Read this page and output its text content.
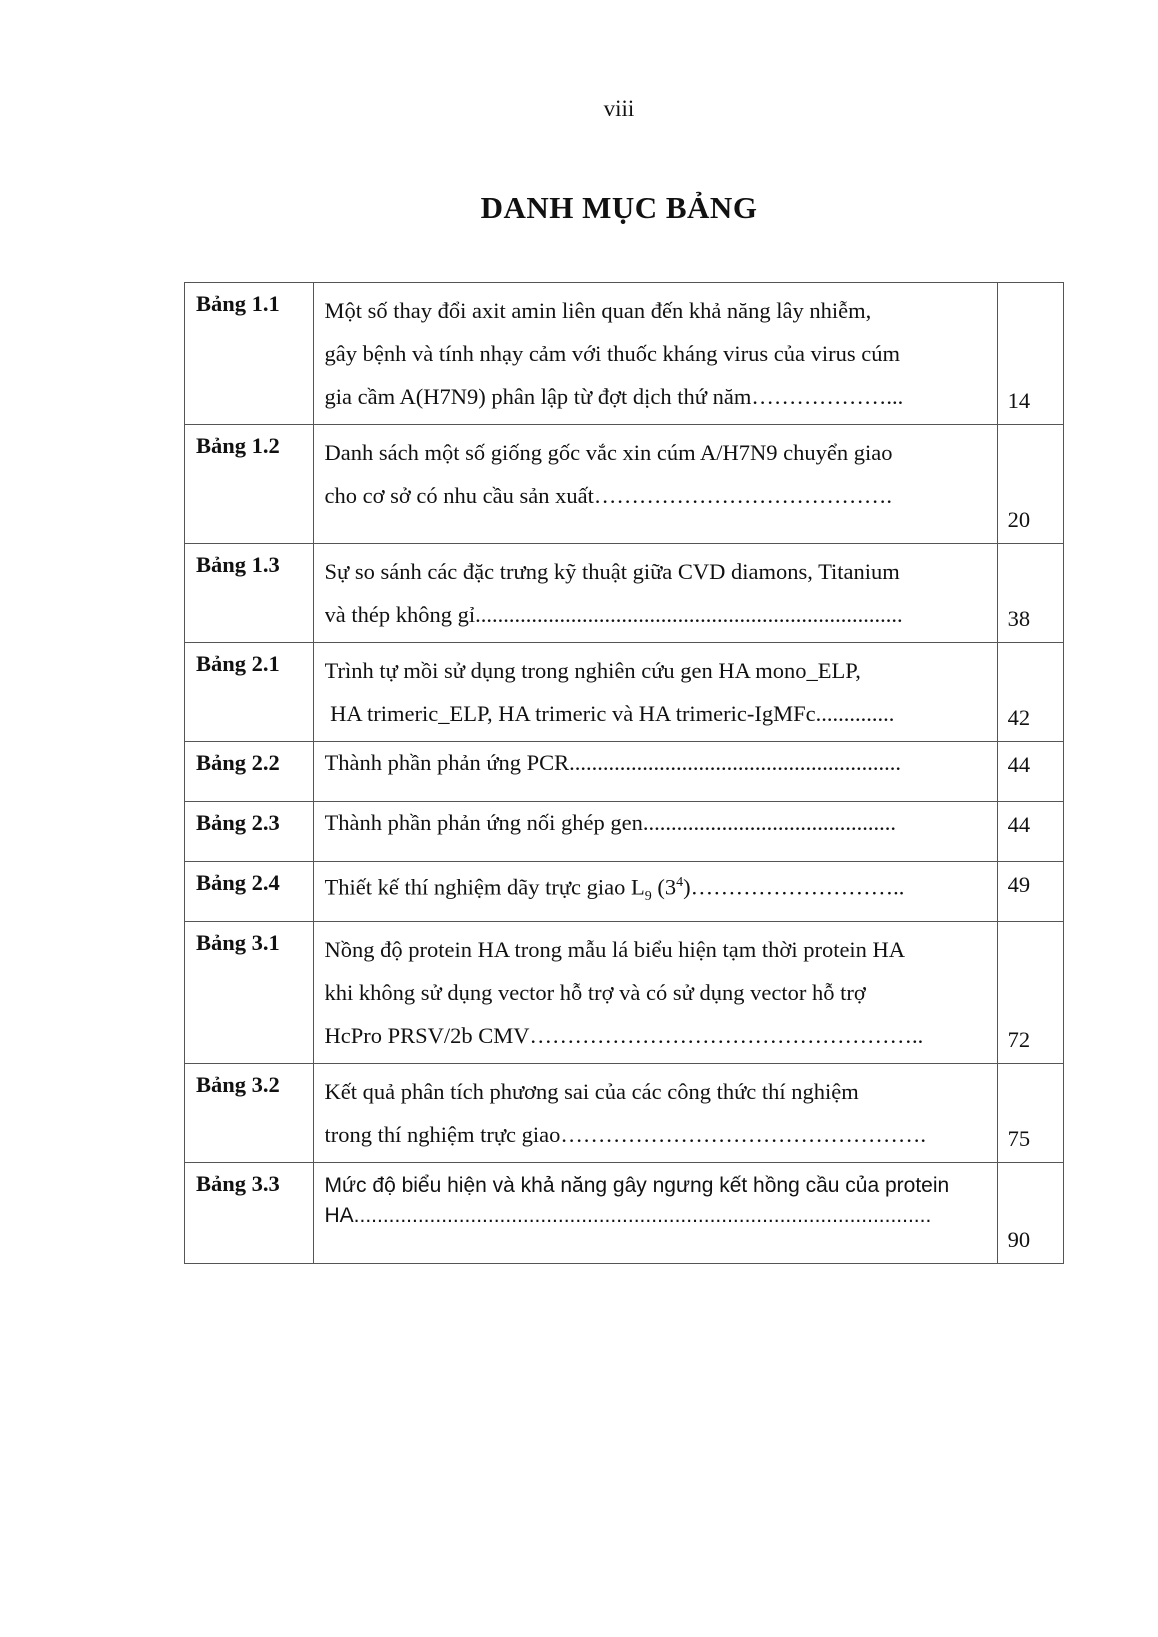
viii
DANH MỤC BẢNG
Bảng 1.1	Một số thay đổi axit amin liên quan đến khả năng lây nhiễm,
gây bệnh và tính nhạy cảm với thuốc kháng virus của virus cúm
gia cầm A(H7N9) phân lập từ đợt dịch thứ năm………………...	14
Bảng 1.2	Danh sách một số giống gốc vắc xin cúm A/H7N9 chuyển giao
cho cơ sở có nhu cầu sản xuất………………………………….	20
Bảng 1.3	Sự so sánh các đặc trưng kỹ thuật giữa CVD diamons, Titanium
và thép không gỉ............................................................................	38
Bảng 2.1	Trình tự mồi sử dụng trong nghiên cứu gen HA mono_ELP,
HA trimeric_ELP, HA trimeric và HA trimeric-IgMFc..............	42
Bảng 2.2	Thành phần phản ứng PCR...........................................................	44
Bảng 2.3	Thành phần phản ứng nối ghép gen.............................................	44
Bảng 2.4	Thiết kế thí nghiệm dãy trực giao $L_9$ $(3^4)\dots\dots\dots\dots\dots\dots\dots\dots\dots$..	49
Bảng 3.1	Nồng độ protein HA trong mẫu lá biểu hiện tạm thời protein HA
khi không sử dụng vector hỗ trợ và có sử dụng vector hỗ trợ
HcPro PRSV/2b CMV……………………………………………..	72
Bảng 3.2	Kết quả phân tích phương sai của các công thức thí nghiệm
trong thí nghiệm trực giao………………………………………….	75
Bảng 3.3	Mức độ biểu hiện và khả năng gây ngưng kết hồng cầu của protein
HA...................................................................................................	90
